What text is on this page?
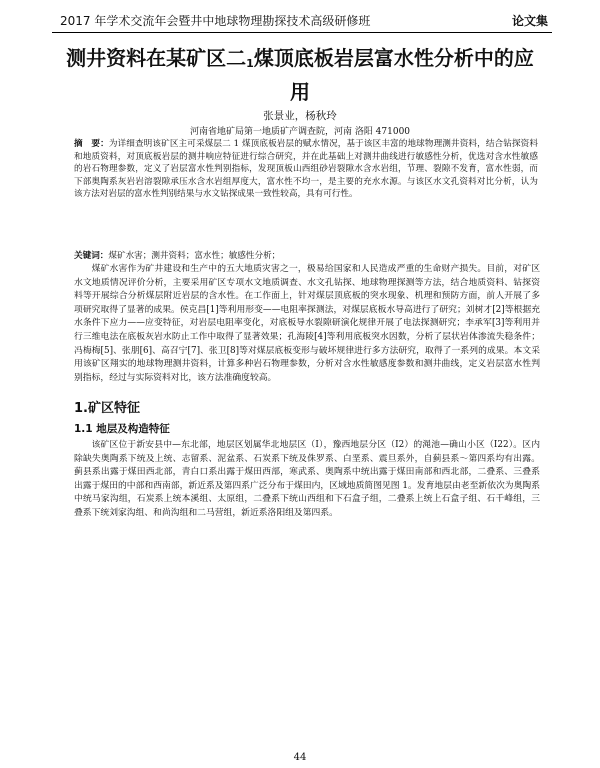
2017 年学术交流年会暨井中地球物理勘探技术高级研修班	论文集
测井资料在某矿区二$_1$煤顶底板岩层富水性分析中的应用
张景业，杨秋玲
河南省地矿局第一地质矿产调查院，河南 洛阳 471000
摘　要：为详细查明该矿区主可采煤层二 1 煤顶底板岩层的赋水情况，基于该区丰富的地球物理测井资料，结合钻探资料和地质资料，对顶底板岩层的测井响应特征进行综合研究，并在此基础上对测井曲线进行敏感性分析，优选对含水性敏感的岩石物理参数，定义了岩层富水性判别指标，发现顶板山西组砂岩裂隙水含水岩组，节理、裂隙不发育，富水性弱，而下部奥陶系灰岩岩溶裂隙承压水含水岩组厚度大，富水性不均一，是主要的充水水源。与该区水文孔资料对比分析，认为该方法对岩层的富水性判别结果与水文钻探成果一致性较高，具有可行性。
关键词：煤矿水害；测井资料；富水性；敏感性分析；
煤矿水害作为矿井建设和生产中的五大地质灾害之一，极易给国家和人民造成严重的生命财产损失。目前，对矿区水文地质情况评价分析，主要采用矿区专项水文地质调查、水文孔钻探、地球物理探测等方法，结合地质资料、钻探资料等开展综合分析煤层附近岩层的含水性。在工作面上，针对煤层顶底板的突水现象、机理和预防方面，前人开展了多项研究取得了显著的成果。侯克昌[1]等利用形变——电阻率探测法，对煤层底板水导高进行了研究；刘树才[2]等根据充水条件下应力——应变特征，对岩层电阻率变化，对底板导水裂隙研演化规律开展了电法探测研究；李承军[3]等利用并行三维电法在底板灰岩水防止工作中取得了显著效果；孔海陵[4]等利用底板突水因数，分析了层状岩体渗流失稳条件；冯梅梅[5]、张朋[6]、高召宁[7]、张卫[8]等对煤层底板变形与破坏规律进行多方法研究，取得了一系列的成果。本文采用该矿区翔实的地球物理测井资料，计算多种岩石物理参数，分析对含水性敏感度参数和测井曲线，定义岩层富水性判别指标，经过与实际资料对比，该方法准确度较高。
1.矿区特征
1.1 地层及构造特征
该矿区位于新安县中—东北部，地层区划属华北地层区（I），豫西地层分区（I2）的渑池—确山小区（I22）。区内除缺失奥陶系下统及上统、志留系、泥盆系、石炭系下统及侏罗系、白垩系、震旦系外，自蓟县系～第四系均有出露。蓟县系出露于煤田西北部，青白口系出露于煤田西部，寒武系、奥陶系中统出露于煤田南部和西北部，二叠系、三叠系出露于煤田的中部和西南部，新近系及第四系广泛分布于煤田内，区域地质简图见图 1。发育地层由老至新依次为奥陶系中统马家沟组，石炭系上统本溪组、太原组，二叠系下统山西组和下石盒子组，二叠系上统上石盒子组、石千峰组，三叠系下统刘家沟组、和尚沟组和二马营组，新近系洛阳组及第四系。
44
